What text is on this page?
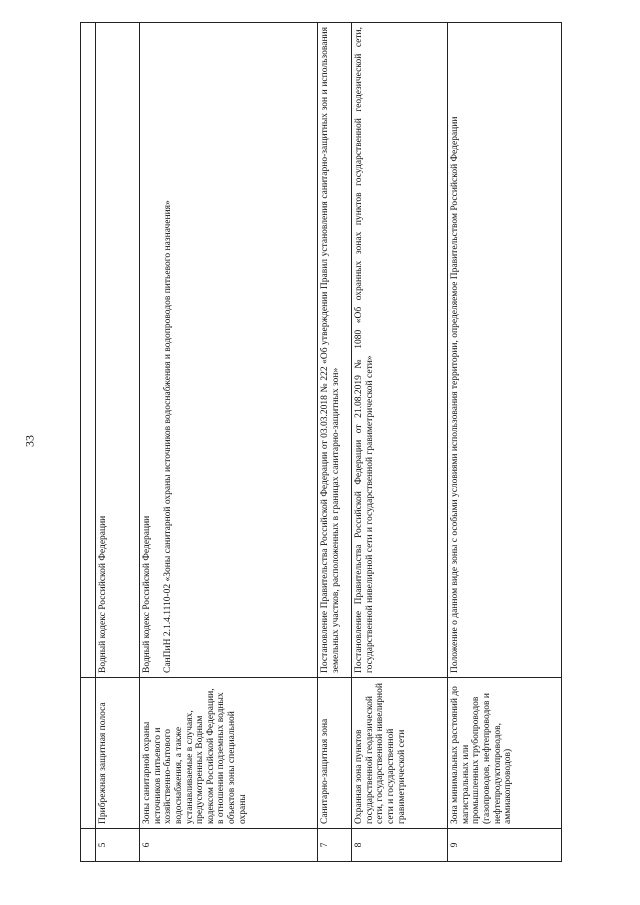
33

5	Прибрежная защитная полоса	Водный кодекс Российской Федерации

6	Зоны санитарной охраны источников питьевого и хозяйственно-бытового водоснабжения, а также устанавливаемые в случаях, предусмотренных Водным кодексом Российской Федерации, в отношении подземных водных объектов зоны специальной охраны	Водный кодекс Российской Федерации СанПиН 2.1.4.1110-02 «Зоны санитарной охраны источников водоснабжения и водопроводов питьевого назначения»

7	Санитарно-защитная зона	Постановление Правительства Российской Федерации от 03.03.2018 № 222 «Об утверждении Правил установления санитарно-защитных зон и использования земельных участков, расположенных в границах санитарно-защитных зон»

8	Охранная зона пунктов государственной геодезической сети, государственной нивелирной сети и государственной гравиметрической сети	Постановление Правительства Российской Федерации от 21.08.2019 № 1080 «Об охранных зонах пунктов государственной геодезической сети, государственной нивелирной сети и государственной гравиметрической сети»

9	Зона минимальных расстояний до магистральных или промышленных трубопроводов (газопроводов, нефтепроводов и нефтепродуктопроводов, аммиакопроводов)	Положение о данном виде зоны с особыми условиями использования территории, определяемое Правительством Российской Федерации
